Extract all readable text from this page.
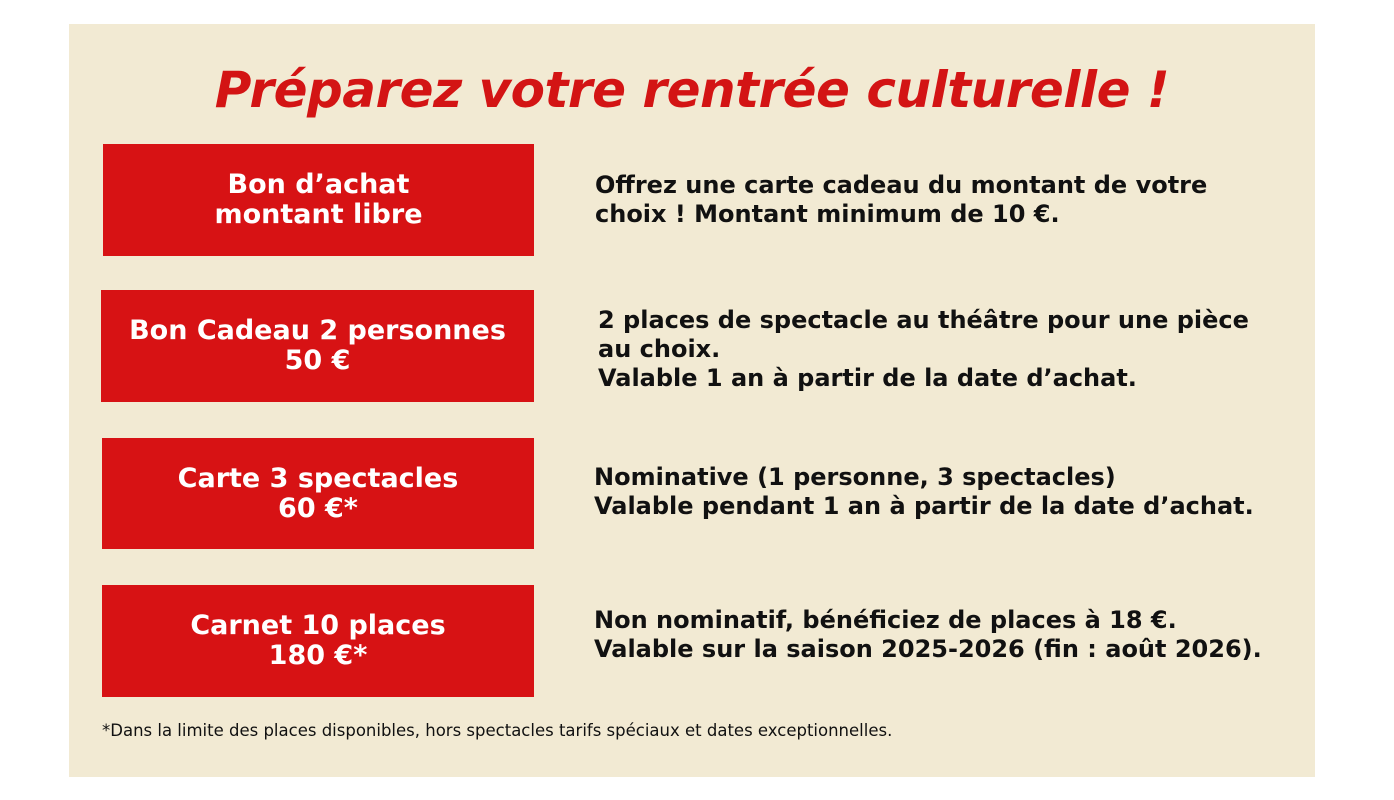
Préparez votre rentrée culturelle !
Bon d’achat
montant libre
Offrez une carte cadeau du montant de votre
choix ! Montant minimum de 10 €.
Bon Cadeau 2 personnes
50 €
2 places de spectacle au théâtre pour une pièce
au choix.
Valable 1 an à partir de la date d’achat.
Carte 3 spectacles
60 €*
Nominative (1 personne, 3 spectacles)
Valable pendant 1 an à partir de la date d’achat.
Carnet 10 places
180 €*
Non nominatif, bénéficiez de places à 18 €.
Valable sur la saison 2025-2026 (fin : août 2026).
*Dans la limite des places disponibles, hors spectacles tarifs spéciaux et dates exceptionnelles.
